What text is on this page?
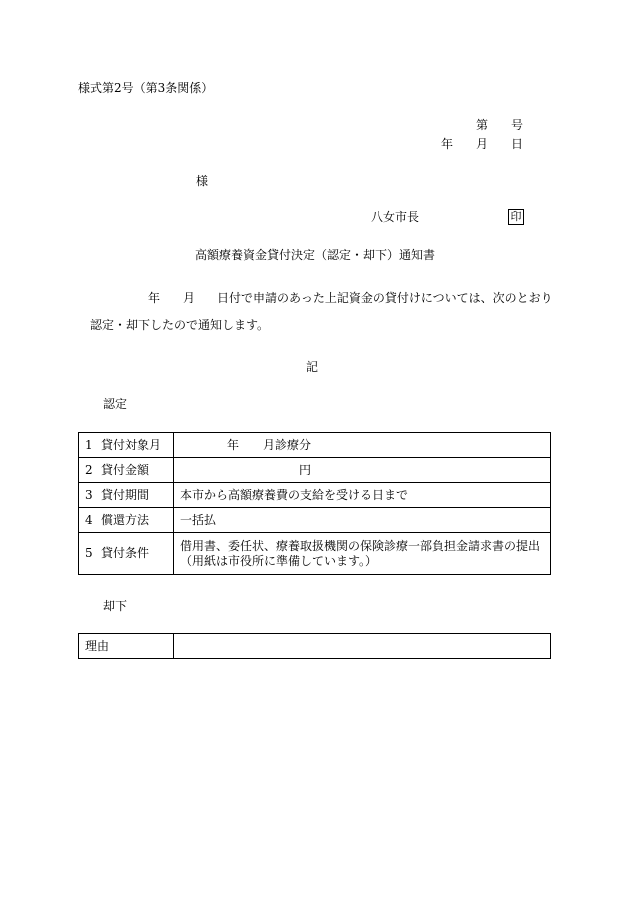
様式第2号（第3条関係）
第 号
年 月 日
様
八女市長	印
高額療養資金貸付決定（認定・却下）通知書
年 月 日付で申請のあった上記資金の貸付けについては、次のとおり
認定・却下したので通知します。
記
認定
1 貸付対象月	年 月診療分
2 貸付金額	円
3 貸付期間	本市から高額療養費の支給を受ける日まで
4 償還方法	一括払
5 貸付条件	借用書、委任状、療養取扱機関の保険診療一部負担金請求書の提出
（用紙は市役所に準備しています。）
却下
理由	
